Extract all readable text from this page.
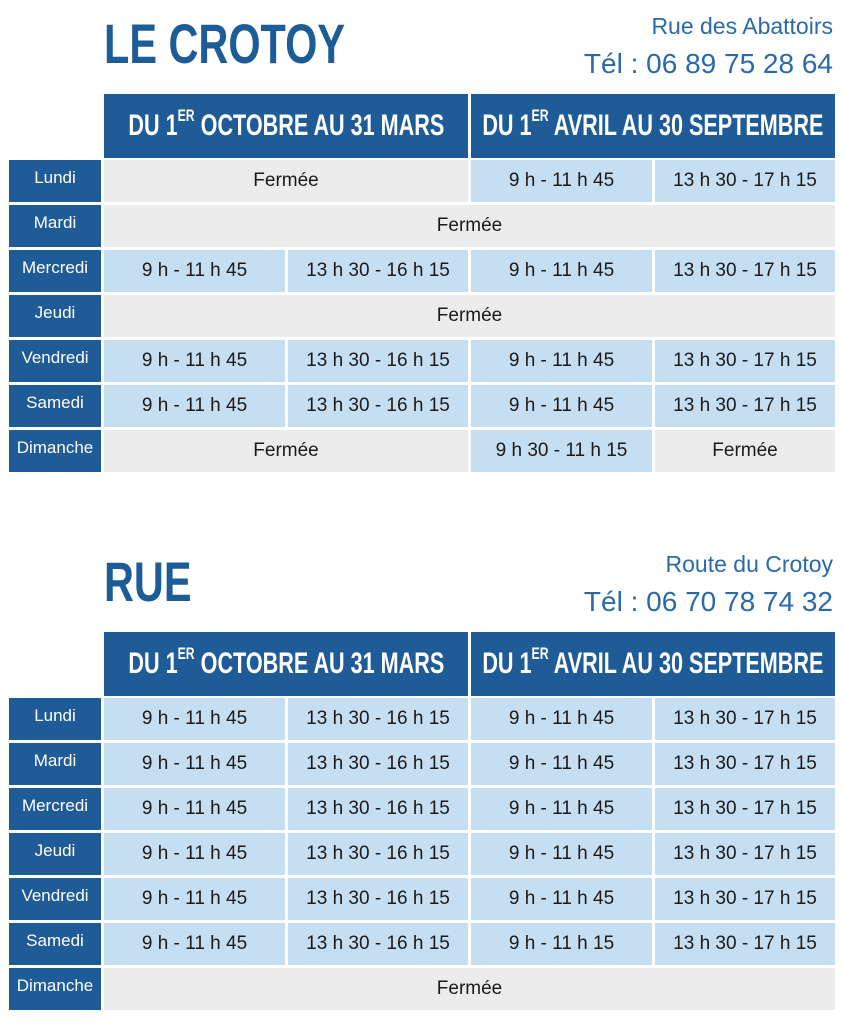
LE CROTOY	Rue des Abattoirs
Tél : 06 89 75 28 64
DU 1ER OCTOBRE AU 31 MARS DU 1ER AVRIL AU 30 SEPTEMBRE
Lundi	Fermée	9 h - 11 h 45	13 h 30 - 17 h 15
Mardi	Fermée
Mercredi	9 h - 11 h 45	13 h 30 - 16 h 15	9 h - 11 h 45	13 h 30 - 17 h 15
Jeudi	Fermée
Vendredi	9 h - 11 h 45	13 h 30 - 16 h 15	9 h - 11 h 45	13 h 30 - 17 h 15
Samedi	9 h - 11 h 45	13 h 30 - 16 h 15	9 h - 11 h 45	13 h 30 - 17 h 15
Dimanche	Fermée	9 h 30 - 11 h 15	Fermée
RUE	Route du Crotoy
Tél : 06 70 78 74 32
DU 1ER OCTOBRE AU 31 MARS DU 1ER AVRIL AU 30 SEPTEMBRE
Lundi	9 h - 11 h 45	13 h 30 - 16 h 15	9 h - 11 h 45	13 h 30 - 17 h 15
Mardi	9 h - 11 h 45	13 h 30 - 16 h 15	9 h - 11 h 45	13 h 30 - 17 h 15
Mercredi	9 h - 11 h 45	13 h 30 - 16 h 15	9 h - 11 h 45	13 h 30 - 17 h 15
Jeudi	9 h - 11 h 45	13 h 30 - 16 h 15	9 h - 11 h 45	13 h 30 - 17 h 15
Vendredi	9 h - 11 h 45	13 h 30 - 16 h 15	9 h - 11 h 45	13 h 30 - 17 h 15
Samedi	9 h - 11 h 45	13 h 30 - 16 h 15	9 h - 11 h 15	13 h 30 - 17 h 15
Dimanche	Fermée
